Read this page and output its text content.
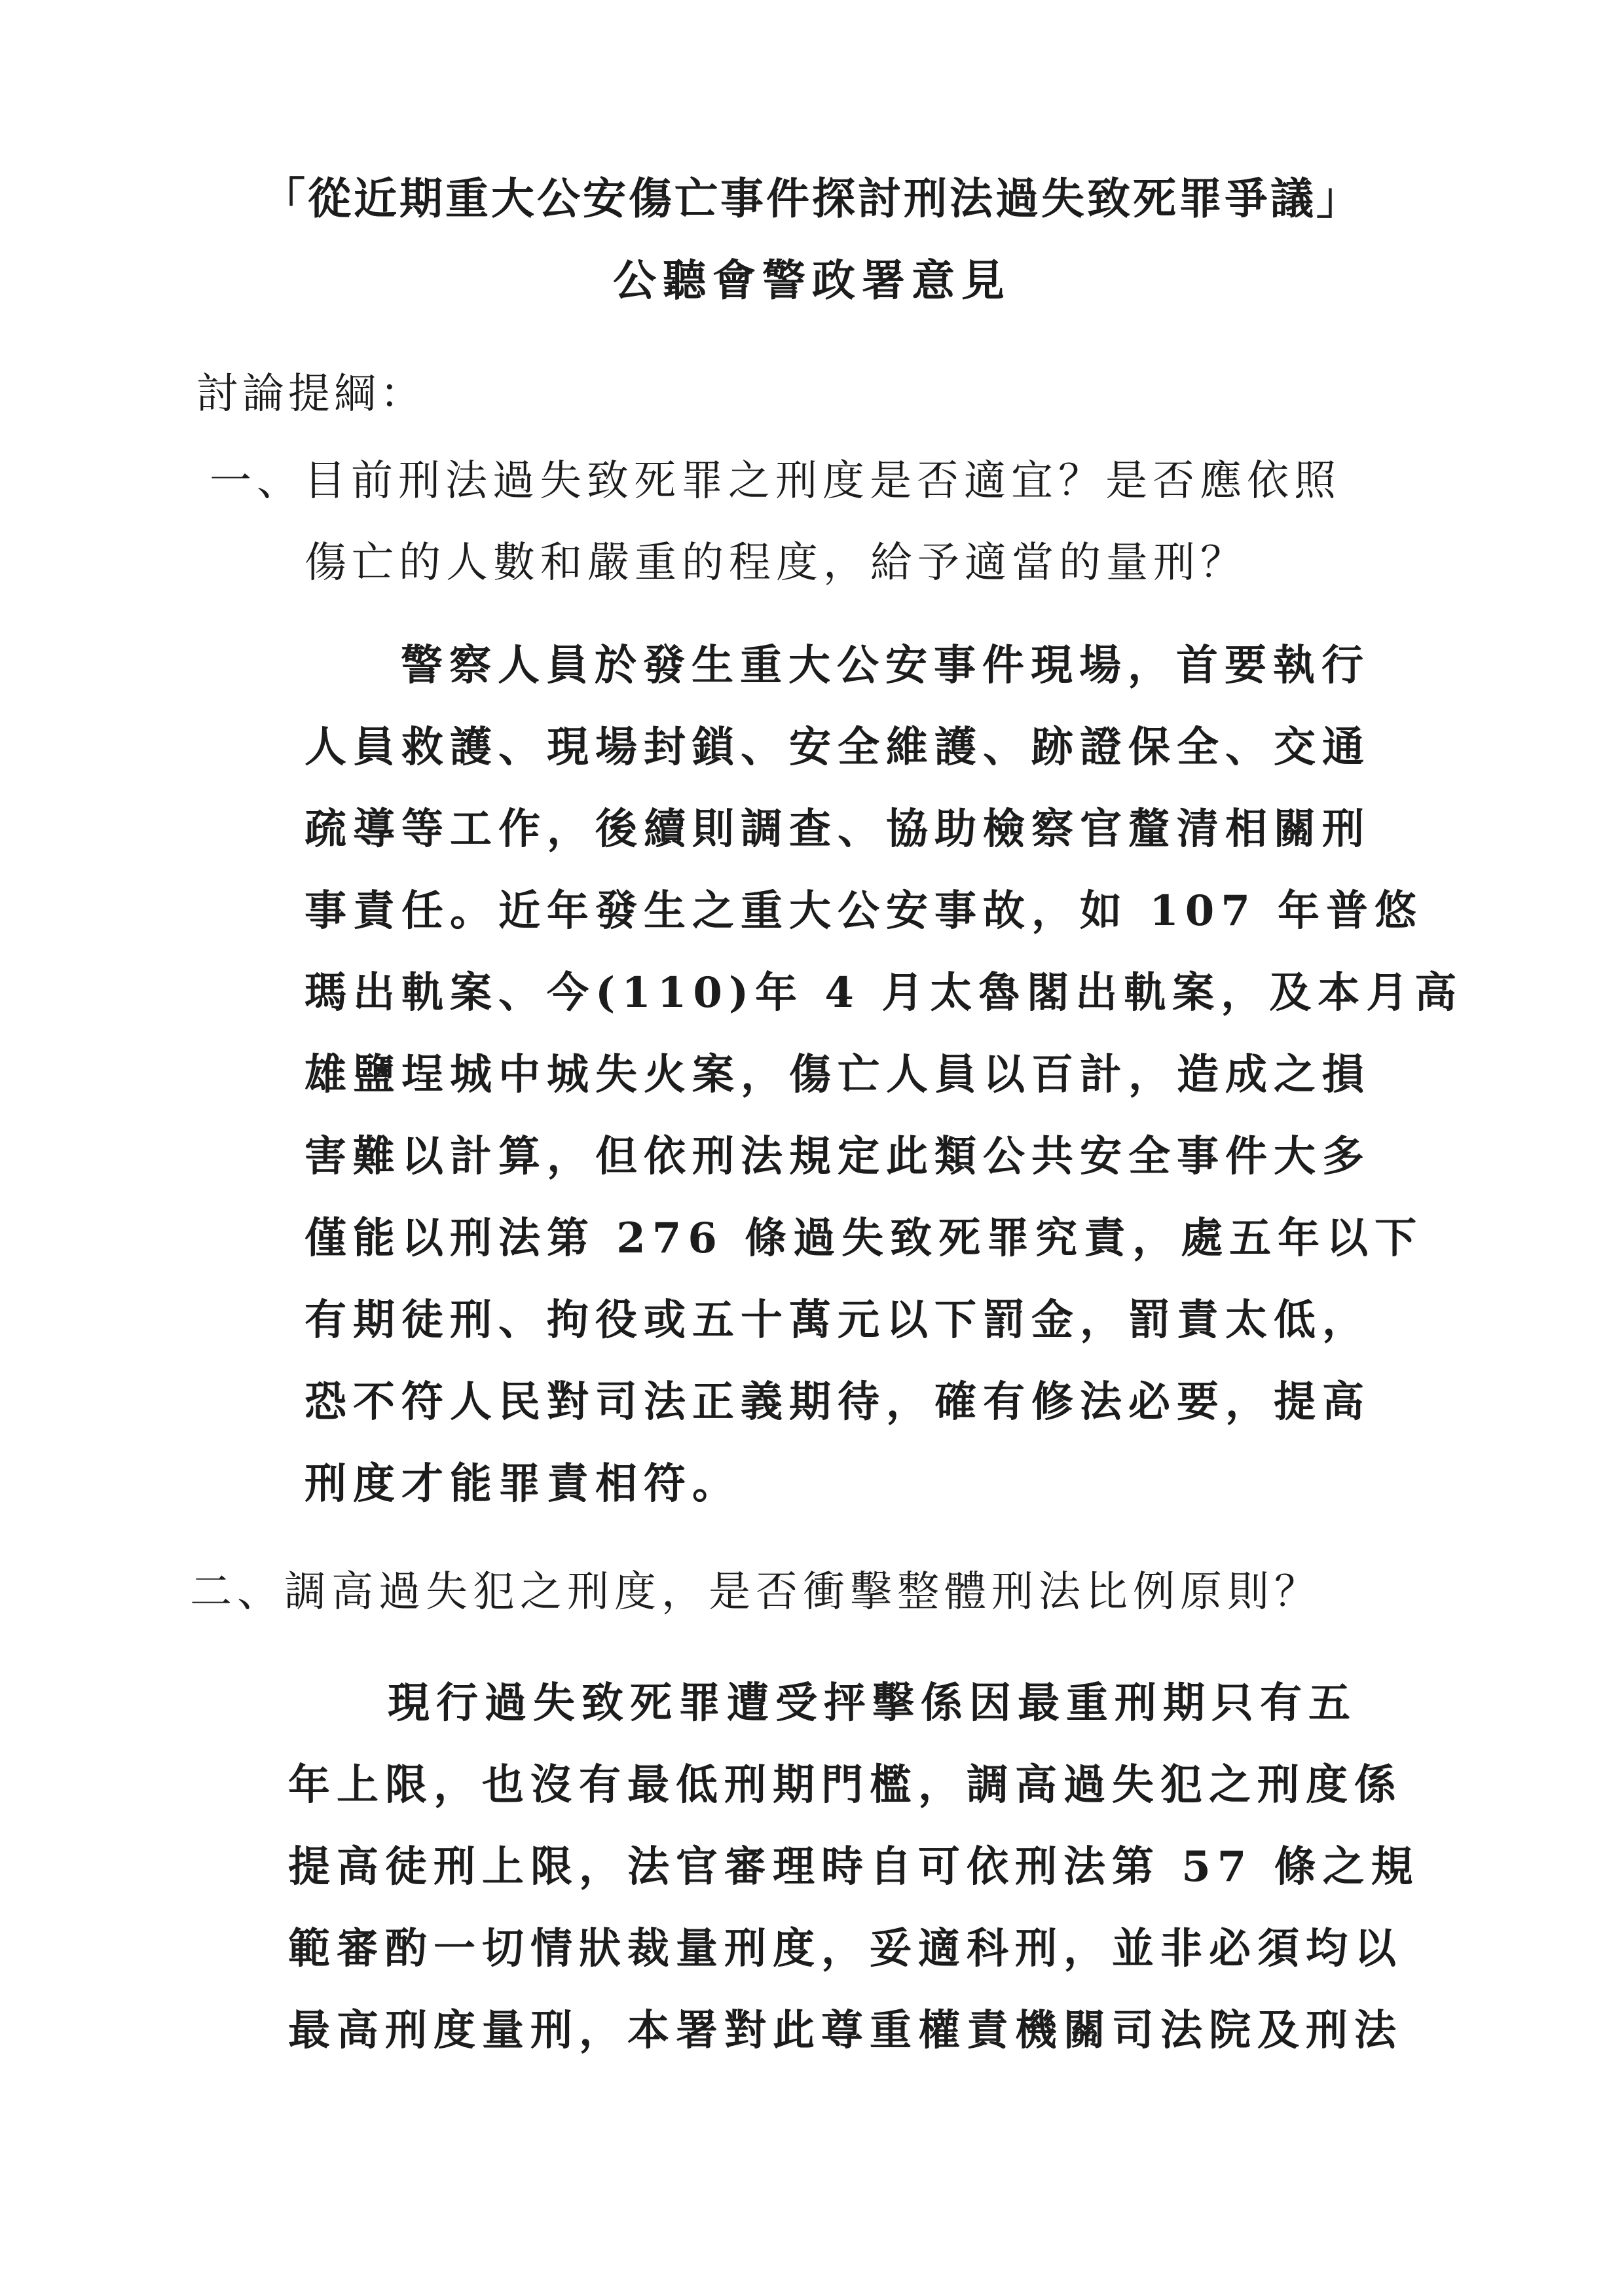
「從近期重大公安傷亡事件探討刑法過失致死罪爭議」
公聽會警政署意見
討論提綱：
一、目前刑法過失致死罪之刑度是否適宜？是否應依照
傷亡的人數和嚴重的程度，給予適當的量刑？
警察人員於發生重大公安事件現場，首要執行
人員救護、現場封鎖、安全維護、跡證保全、交通
疏導等工作，後續則調查、協助檢察官釐清相關刑
事責任。近年發生之重大公安事故，如 107 年普悠
瑪出軌案、今(110)年 4 月太魯閣出軌案，及本月高
雄鹽埕城中城失火案，傷亡人員以百計，造成之損
害難以計算，但依刑法規定此類公共安全事件大多
僅能以刑法第 276 條過失致死罪究責，處五年以下
有期徒刑、拘役或五十萬元以下罰金，罰責太低，
恐不符人民對司法正義期待，確有修法必要，提高
刑度才能罪責相符。
二、調高過失犯之刑度，是否衝擊整體刑法比例原則？
現行過失致死罪遭受抨擊係因最重刑期只有五
年上限，也沒有最低刑期門檻，調高過失犯之刑度係
提高徒刑上限，法官審理時自可依刑法第 57 條之規
範審酌一切情狀裁量刑度，妥適科刑，並非必須均以
最高刑度量刑，本署對此尊重權責機關司法院及刑法
